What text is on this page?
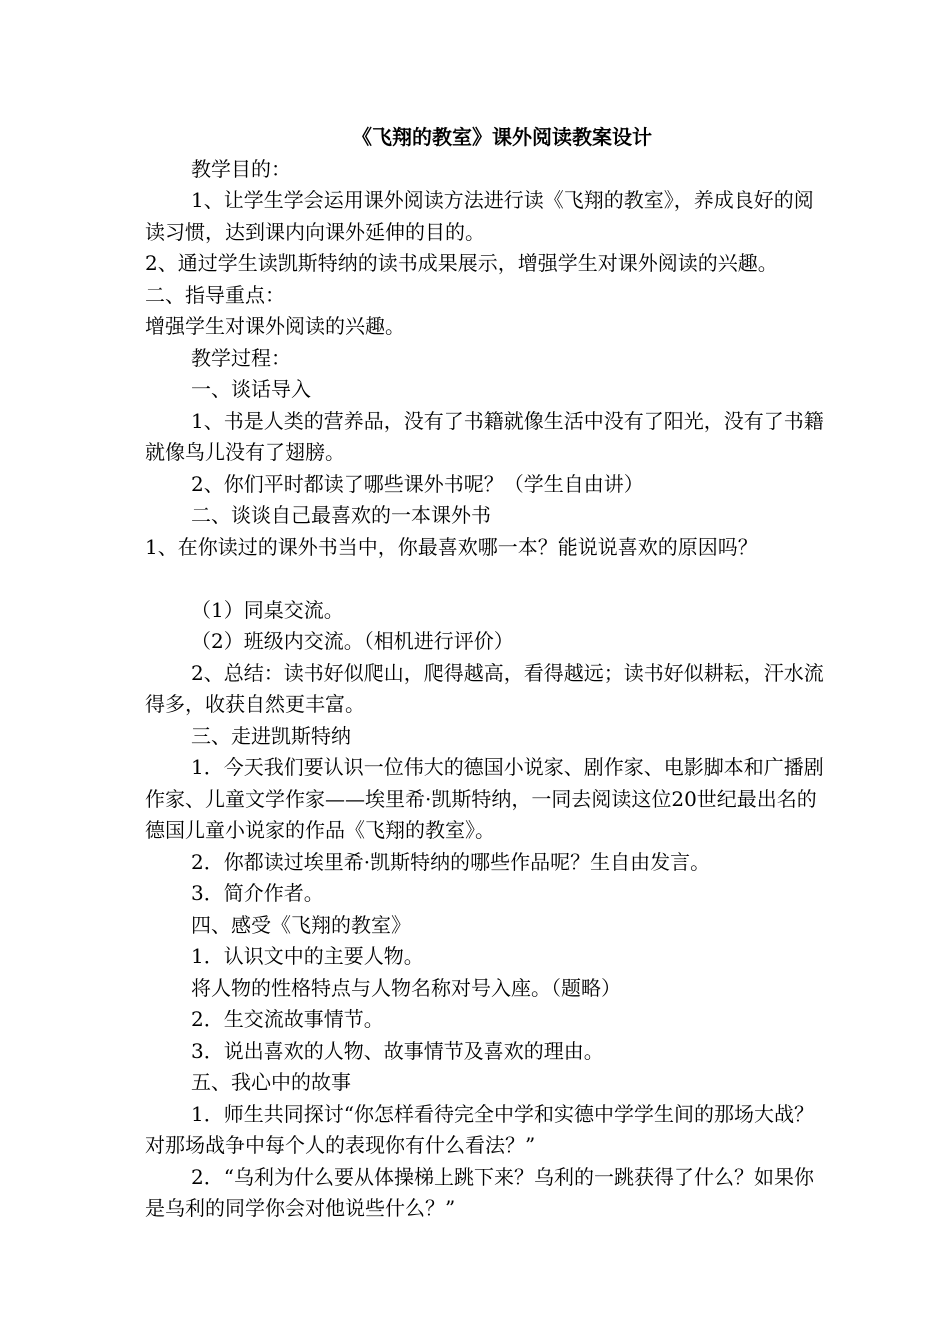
《飞翔的教室》课外阅读教案设计
教学目的：
1、让学生学会运用课外阅读方法进行读《飞翔的教室》，养成良好的阅读习惯，达到课内向课外延伸的目的。
2、通过学生读凯斯特纳的读书成果展示，增强学生对课外阅读的兴趣。
二、指导重点：
增强学生对课外阅读的兴趣。
教学过程：
一、谈话导入
1、书是人类的营养品，没有了书籍就像生活中没有了阳光，没有了书籍就像鸟儿没有了翅膀。
2、你们平时都读了哪些课外书呢？（学生自由讲）
二、谈谈自己最喜欢的一本课外书
1、在你读过的课外书当中，你最喜欢哪一本？能说说喜欢的原因吗？
（1）同桌交流。
（2）班级内交流。（相机进行评价）
2、总结：读书好似爬山，爬得越高，看得越远；读书好似耕耘，汗水流得多，收获自然更丰富。
三、走进凯斯特纳
1．今天我们要认识一位伟大的德国小说家、剧作家、电影脚本和广播剧作家、儿童文学作家——埃里希·凯斯特纳，一同去阅读这位20世纪最出名的德国儿童小说家的作品《飞翔的教室》。
2．你都读过埃里希·凯斯特纳的哪些作品呢？生自由发言。
3．简介作者。
四、感受《飞翔的教室》
1．认识文中的主要人物。
将人物的性格特点与人物名称对号入座。（题略）
2．生交流故事情节。
3．说出喜欢的人物、故事情节及喜欢的理由。
五、我心中的故事
1．师生共同探讨“你怎样看待完全中学和实德中学学生间的那场大战？对那场战争中每个人的表现你有什么看法？”
2．“乌利为什么要从体操梯上跳下来？乌利的一跳获得了什么？如果你是乌利的同学你会对他说些什么？”
